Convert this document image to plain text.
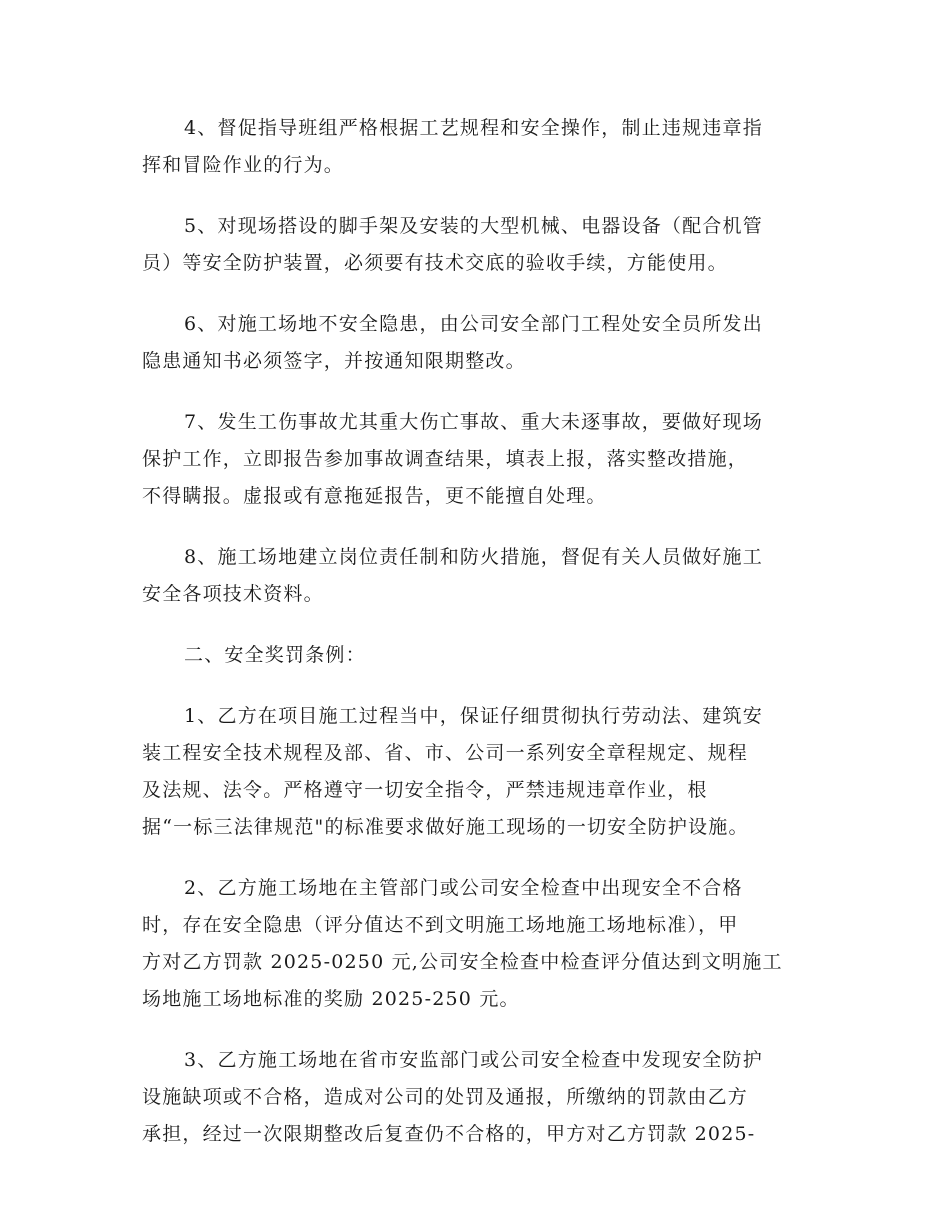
4、督促指导班组严格根据工艺规程和安全操作，制止违规违章指
挥和冒险作业的行为。
5、对现场搭设的脚手架及安装的大型机械、电器设备（配合机管
员）等安全防护装置，必须要有技术交底的验收手续，方能使用。
6、对施工场地不安全隐患，由公司安全部门工程处安全员所发出
隐患通知书必须签字，并按通知限期整改。
7、发生工伤事故尤其重大伤亡事故、重大未逐事故，要做好现场
保护工作，立即报告参加事故调查结果，填表上报，落实整改措施，
不得瞒报。虚报或有意拖延报告，更不能擅自处理。
8、施工场地建立岗位责任制和防火措施，督促有关人员做好施工
安全各项技术资料。
二、安全奖罚条例：
1、乙方在项目施工过程当中，保证仔细贯彻执行劳动法、建筑安
装工程安全技术规程及部、省、市、公司一系列安全章程规定、规程
及法规、法令。严格遵守一切安全指令，严禁违规违章作业，根
据“一标三法律规范"的标准要求做好施工现场的一切安全防护设施。
2、乙方施工场地在主管部门或公司安全检查中出现安全不合格
时，存在安全隐患（评分值达不到文明施工场地施工场地标准），甲
方对乙方罚款 2025-0250 元,公司安全检查中检查评分值达到文明施工
场地施工场地标准的奖励 2025-250 元。
3、乙方施工场地在省市安监部门或公司安全检查中发现安全防护
设施缺项或不合格，造成对公司的处罚及通报，所缴纳的罚款由乙方
承担，经过一次限期整改后复查仍不合格的，甲方对乙方罚款 2025-
